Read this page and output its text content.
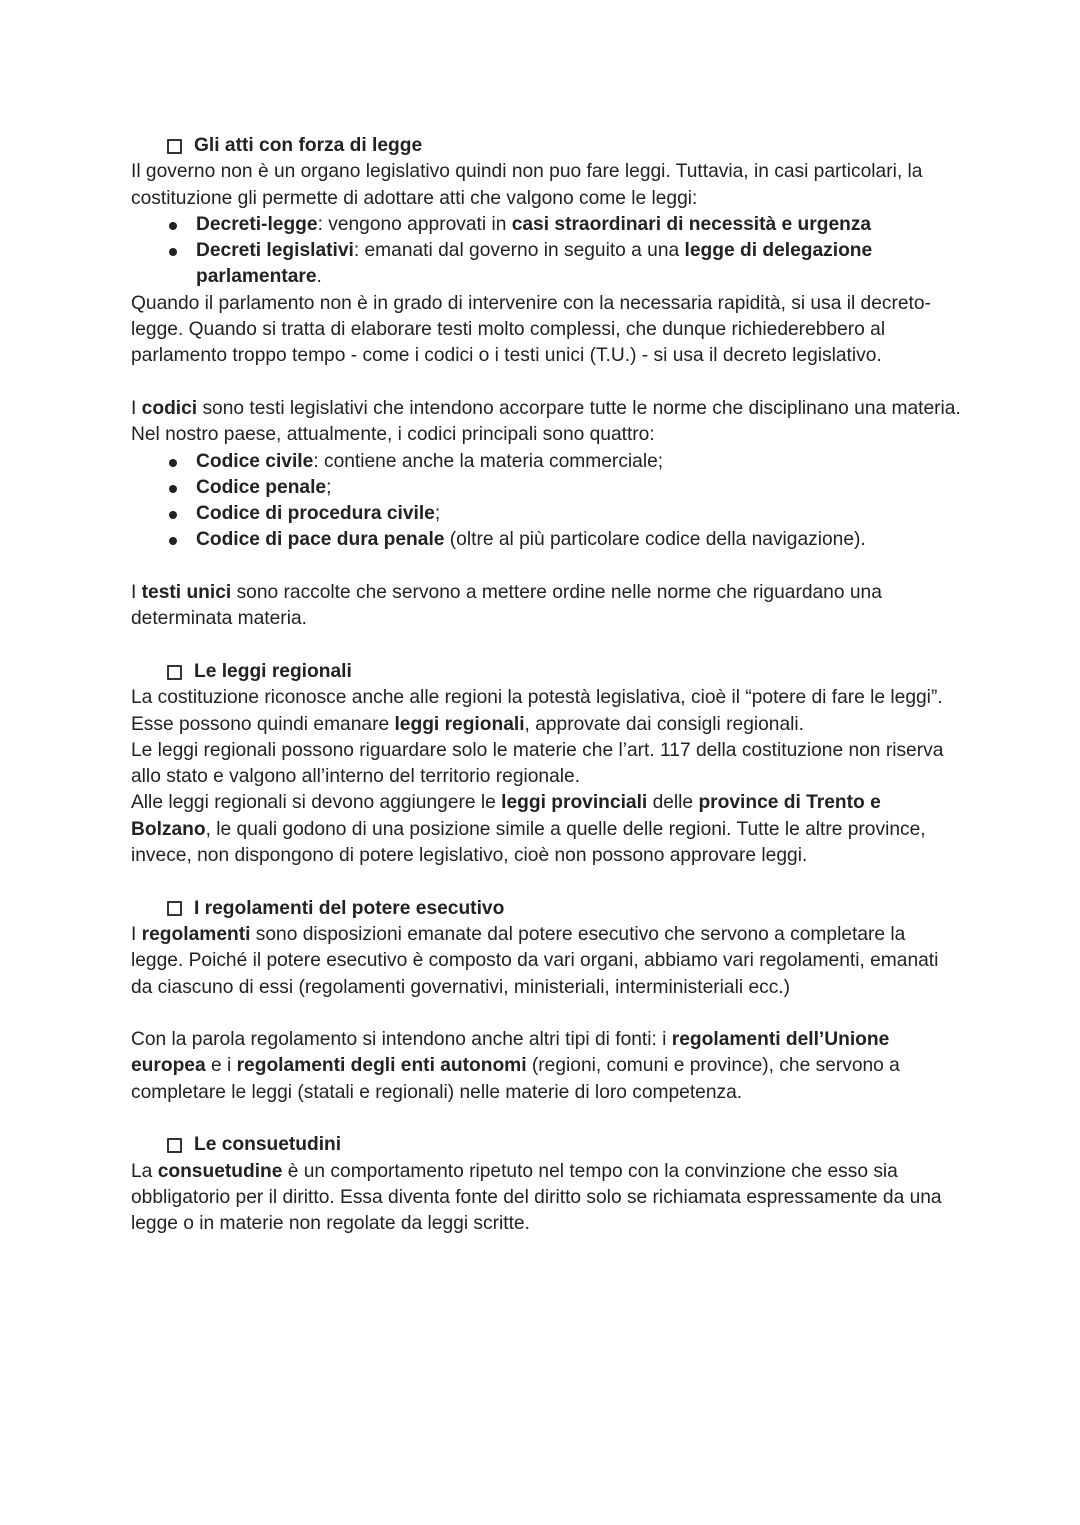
Gli atti con forza di legge

Il governo non è un organo legislativo quindi non puo fare leggi. Tuttavia, in casi particolari, la costituzione gli permette di adottare atti che valgono come le leggi:

Decreti-legge: vengono approvati in casi straordinari di necessità e urgenza
Decreti legislativi: emanati dal governo in seguito a una legge di delegazione parlamentare.

Quando il parlamento non è in grado di intervenire con la necessaria rapidità, si usa il decreto-legge. Quando si tratta di elaborare testi molto complessi, che dunque richiederebbero al parlamento troppo tempo - come i codici o i testi unici (T.U.) - si usa il decreto legislativo.

I codici sono testi legislativi che intendono accorpare tutte le norme che disciplinano una materia.

Nel nostro paese, attualmente, i codici principali sono quattro:

Codice civile: contiene anche la materia commerciale;
Codice penale;
Codice di procedura civile;
Codice di pace dura penale (oltre al più particolare codice della navigazione).

I testi unici sono raccolte che servono a mettere ordine nelle norme che riguardano una determinata materia.

Le leggi regionali

La costituzione riconosce anche alle regioni la potestà legislativa, cioè il “potere di fare le leggi”. Esse possono quindi emanare leggi regionali, approvate dai consigli regionali.

Le leggi regionali possono riguardare solo le materie che l’art. 117 della costituzione non riserva allo stato e valgono all’interno del territorio regionale.

Alle leggi regionali si devono aggiungere le leggi provinciali delle province di Trento e Bolzano, le quali godono di una posizione simile a quelle delle regioni. Tutte le altre province, invece, non dispongono di potere legislativo, cioè non possono approvare leggi.

I regolamenti del potere esecutivo

I regolamenti sono disposizioni emanate dal potere esecutivo che servono a completare la legge. Poiché il potere esecutivo è composto da vari organi, abbiamo vari regolamenti, emanati da ciascuno di essi (regolamenti governativi, ministeriali, interministeriali ecc.)

Con la parola regolamento si intendono anche altri tipi di fonti: i regolamenti dell’Unione europea e i regolamenti degli enti autonomi (regioni, comuni e province), che servono a completare le leggi (statali e regionali) nelle materie di loro competenza.

Le consuetudini

La consuetudine è un comportamento ripetuto nel tempo con la convinzione che esso sia obbligatorio per il diritto. Essa diventa fonte del diritto solo se richiamata espressamente da una legge o in materie non regolate da leggi scritte.
